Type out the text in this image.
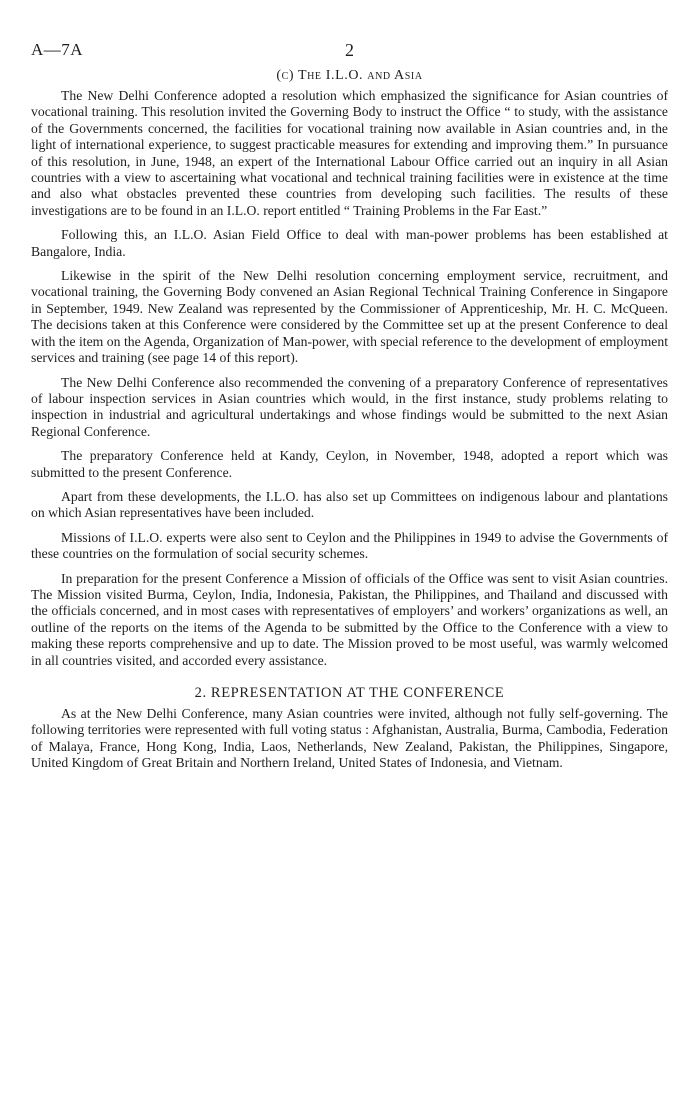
A—7A	2
(c) The I.L.O. and Asia

The New Delhi Conference adopted a resolution which emphasized the significance for Asian countries of vocational training. This resolution invited the Governing Body to instruct the Office “ to study, with the assistance of the Governments concerned, the facilities for vocational training now available in Asian countries and, in the light of international experience, to suggest practicable measures for extending and improving them.” In pursuance of this resolution, in June, 1948, an expert of the International Labour Office carried out an inquiry in all Asian countries with a view to ascertaining what vocational and technical training facilities were in existence at the time and also what obstacles prevented these countries from developing such facilities. The results of these investigations are to be found in an I.L.O. report entitled “ Training Problems in the Far East.”

Following this, an I.L.O. Asian Field Office to deal with man-power problems has been established at Bangalore, India.

Likewise in the spirit of the New Delhi resolution concerning employment service, recruitment, and vocational training, the Governing Body convened an Asian Regional Technical Training Conference in Singapore in September, 1949. New Zealand was represented by the Commissioner of Apprenticeship, Mr. H. C. McQueen. The decisions taken at this Conference were considered by the Committee set up at the present Conference to deal with the item on the Agenda, Organization of Man-power, with special reference to the development of employment services and training (see page 14 of this report).

The New Delhi Conference also recommended the convening of a preparatory Conference of representatives of labour inspection services in Asian countries which would, in the first instance, study problems relating to inspection in industrial and agricultural undertakings and whose findings would be submitted to the next Asian Regional Conference.

The preparatory Conference held at Kandy, Ceylon, in November, 1948, adopted a report which was submitted to the present Conference.

Apart from these developments, the I.L.O. has also set up Committees on indigenous labour and plantations on which Asian representatives have been included.

Missions of I.L.O. experts were also sent to Ceylon and the Philippines in 1949 to advise the Governments of these countries on the formulation of social security schemes.

In preparation for the present Conference a Mission of officials of the Office was sent to visit Asian countries. The Mission visited Burma, Ceylon, India, Indonesia, Pakistan, the Philippines, and Thailand and discussed with the officials concerned, and in most cases with representatives of employers’ and workers’ organizations as well, an outline of the reports on the items of the Agenda to be submitted by the Office to the Conference with a view to making these reports comprehensive and up to date. The Mission proved to be most useful, was warmly welcomed in all countries visited, and accorded every assistance.

2. REPRESENTATION AT THE CONFERENCE

As at the New Delhi Conference, many Asian countries were invited, although not fully self-governing. The following territories were represented with full voting status : Afghanistan, Australia, Burma, Cambodia, Federation of Malaya, France, Hong Kong, India, Laos, Netherlands, New Zealand, Pakistan, the Philippines, Singapore, United Kingdom of Great Britain and Northern Ireland, United States of Indonesia, and Vietnam.
